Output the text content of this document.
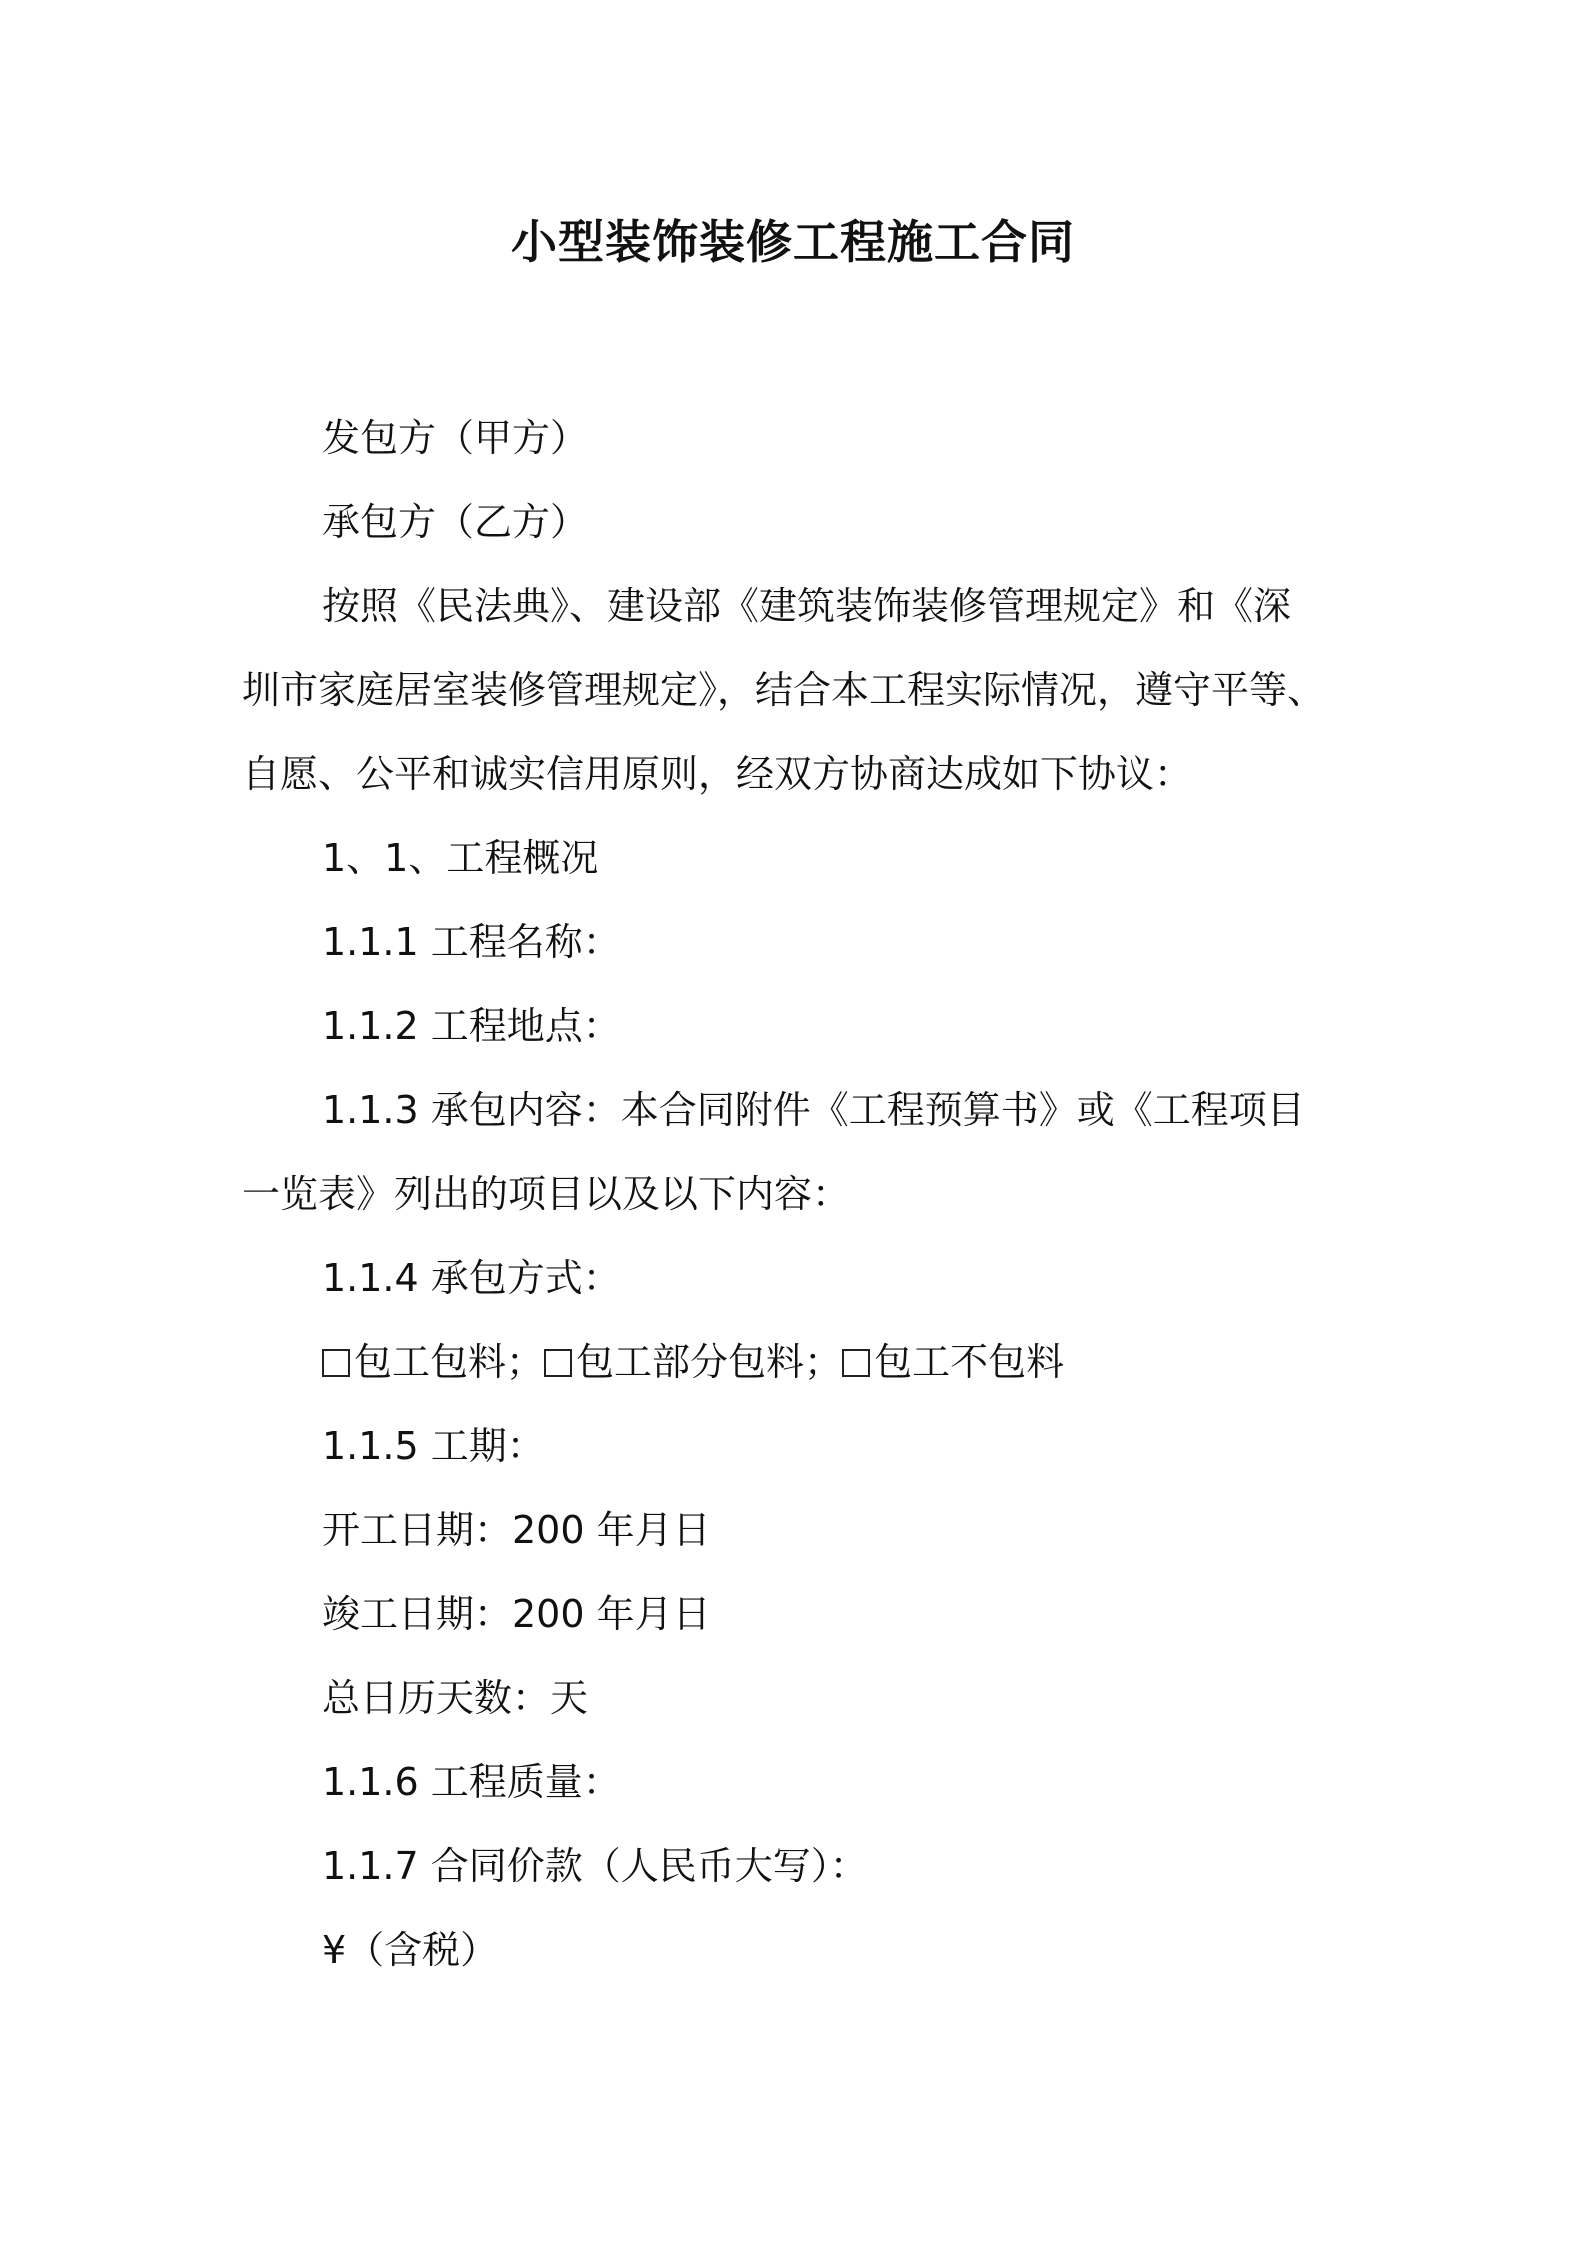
小型装饰装修工程施工合同
发包方（甲方）
承包方（乙方）
按照《民法典》、建设部《建筑装饰装修管理规定》和《深
圳市家庭居室装修管理规定》，结合本工程实际情况，遵守平等、
自愿、公平和诚实信用原则，经双方协商达成如下协议：
1、1、工程概况
1.1.1 工程名称：
1.1.2 工程地点：
1.1.3 承包内容：本合同附件《工程预算书》或《工程项目
一览表》列出的项目以及以下内容：
1.1.4 承包方式：
包工包料； 包工部分包料； 包工不包料
1.1.5 工期：
开工日期：200 年月日
竣工日期：200 年月日
总日历天数：天
1.1.6 工程质量：
1.1.7 合同价款（人民币大写）：
¥（含税）
